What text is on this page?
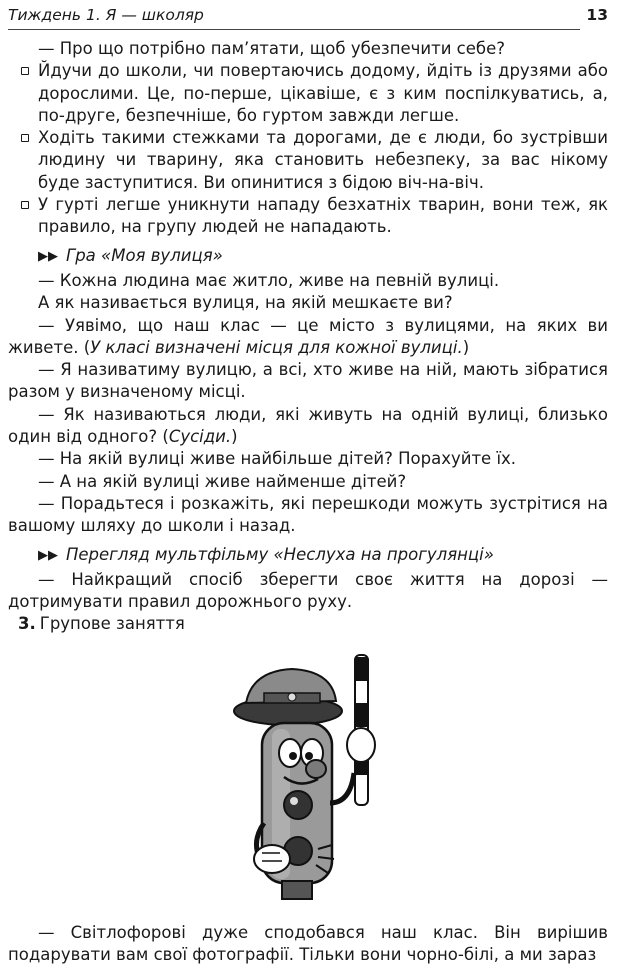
Тиждень 1. Я — школяр	13

— Про що потрібно пам’ятати, щоб убезпечити себе?

Йдучи до школи, чи повертаючись додому, йдіть із друзями або дорослими. Це, по-перше, цікавіше, є з ким поспілкуватись, а, по-друге, безпечніше, бо гуртом завжди легше.

Ходіть такими стежками та дорогами, де є люди, бо зустрівши людину чи тварину, яка становить небезпеку, за вас нікому буде заступитися. Ви опинитися з бідою віч-на-віч.

У гурті легше уникнути нападу безхатніх тварин, вони теж, як правило, на групу людей не нападають.

▶▶ Гра «Моя вулиця»

— Кожна людина має житло, живе на певній вулиці.

А як називається вулиця, на якій мешкаєте ви?

— Уявімо, що наш клас — це місто з вулицями, на яких ви живете. (У класі визначені місця для кожної вулиці.)

— Я називатиму вулицю, а всі, хто живе на ній, мають зібратися разом у визначеному місці.

— Як називаються люди, які живуть на одній вулиці, близько один від одного? (Сусіди.)

— На якій вулиці живе найбільше дітей? Порахуйте їх.

— А на якій вулиці живе найменше дітей?

— Порадьтеся і розкажіть, які перешкоди можуть зустрітися на вашому шляху до школи і назад.

▶▶ Перегляд мультфільму «Неслуха на прогулянці»

— Найкращий спосіб зберегти своє життя на дорозі — дотримувати правил дорожнього руху.

3. Групове заняття

— Світлофорові дуже сподобався наш клас. Він вирішив подарувати вам свої фотографії. Тільки вони чорно-білі, а ми зараз
